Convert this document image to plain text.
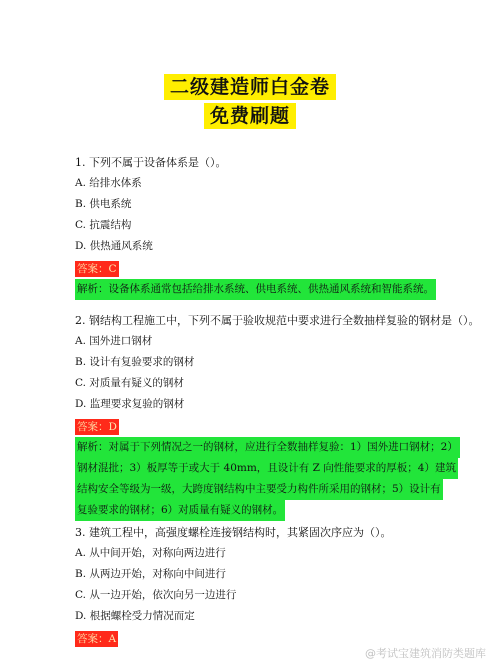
二级建造师白金卷
免费刷题
1. 下列不属于设备体系是（）。
A. 给排水体系
B. 供电系统
C. 抗震结构
D. 供热通风系统
答案：C
解析：设备体系通常包括给排水系统、供电系统、供热通风系统和智能系统。
2. 钢结构工程施工中，下列不属于验收规范中要求进行全数抽样复验的钢材是（）。
A. 国外进口钢材
B. 设计有复验要求的钢材
C. 对质量有疑义的钢材
D. 监理要求复验的钢材
答案：D
解析：对属于下列情况之一的钢材，应进行全数抽样复验：1）国外进口钢材；2）
钢材混批；3）板厚等于或大于 40mm，且设计有 Z 向性能要求的厚板；4）建筑
结构安全等级为一级，大跨度钢结构中主要受力构件所采用的钢材；5）设计有
复验要求的钢材；6）对质量有疑义的钢材。
3. 建筑工程中，高强度螺栓连接钢结构时，其紧固次序应为（）。
A. 从中间开始，对称向两边进行
B. 从两边开始，对称向中间进行
C. 从一边开始，依次向另一边进行
D. 根据螺栓受力情况而定
答案：A
@考试宝建筑消防类题库
